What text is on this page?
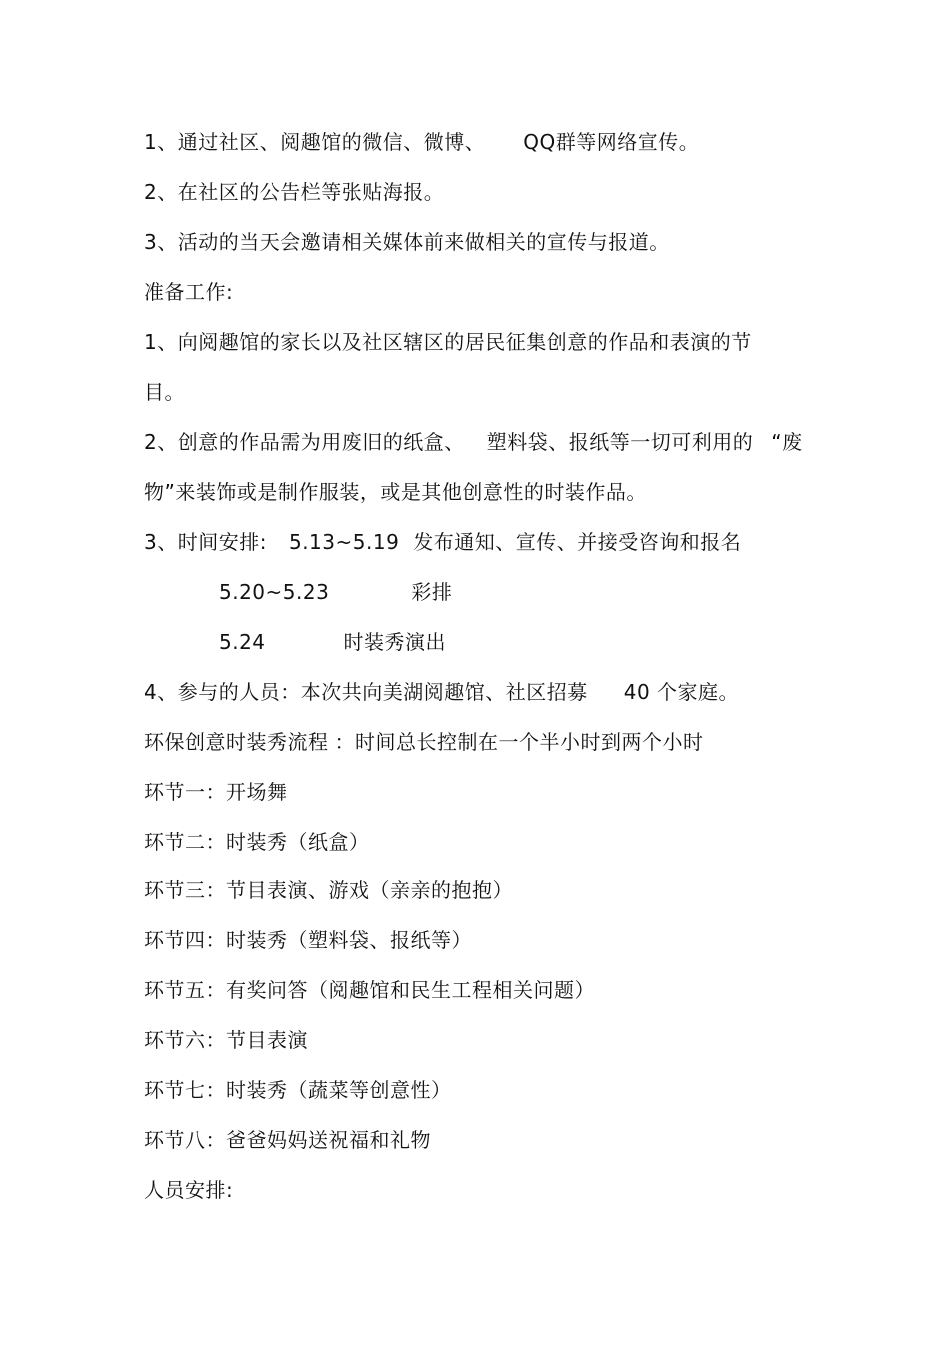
1、通过社区、阅趣馆的微信、微博、 QQ群等网络宣传。
2、在社区的公告栏等张贴海报。
3、活动的当天会邀请相关媒体前来做相关的宣传与报道。
准备工作:
1、向阅趣馆的家长以及社区辖区的居民征集创意的作品和表演的节
目。
2、创意的作品需为用废旧的纸盒、 塑料袋、报纸等一切可利用的 “废
物”来装饰或是制作服装，或是其他创意性的时装作品。
3、时间安排: 5.13~5.19 发布通知、宣传、并接受咨询和报名
5.20~5.23	彩排
5.24	时装秀演出
4、参与的人员：本次共向美湖阅趣馆、社区招募 40 个家庭。
环保创意时装秀流程 ：时间总长控制在一个半小时到两个小时
环节一：开场舞
环节二：时装秀（纸盒）
环节三：节目表演、游戏（亲亲的抱抱）
环节四：时装秀（塑料袋、报纸等）
环节五：有奖问答（阅趣馆和民生工程相关问题）
环节六：节目表演
环节七：时装秀（蔬菜等创意性）
环节八：爸爸妈妈送祝福和礼物
人员安排:
